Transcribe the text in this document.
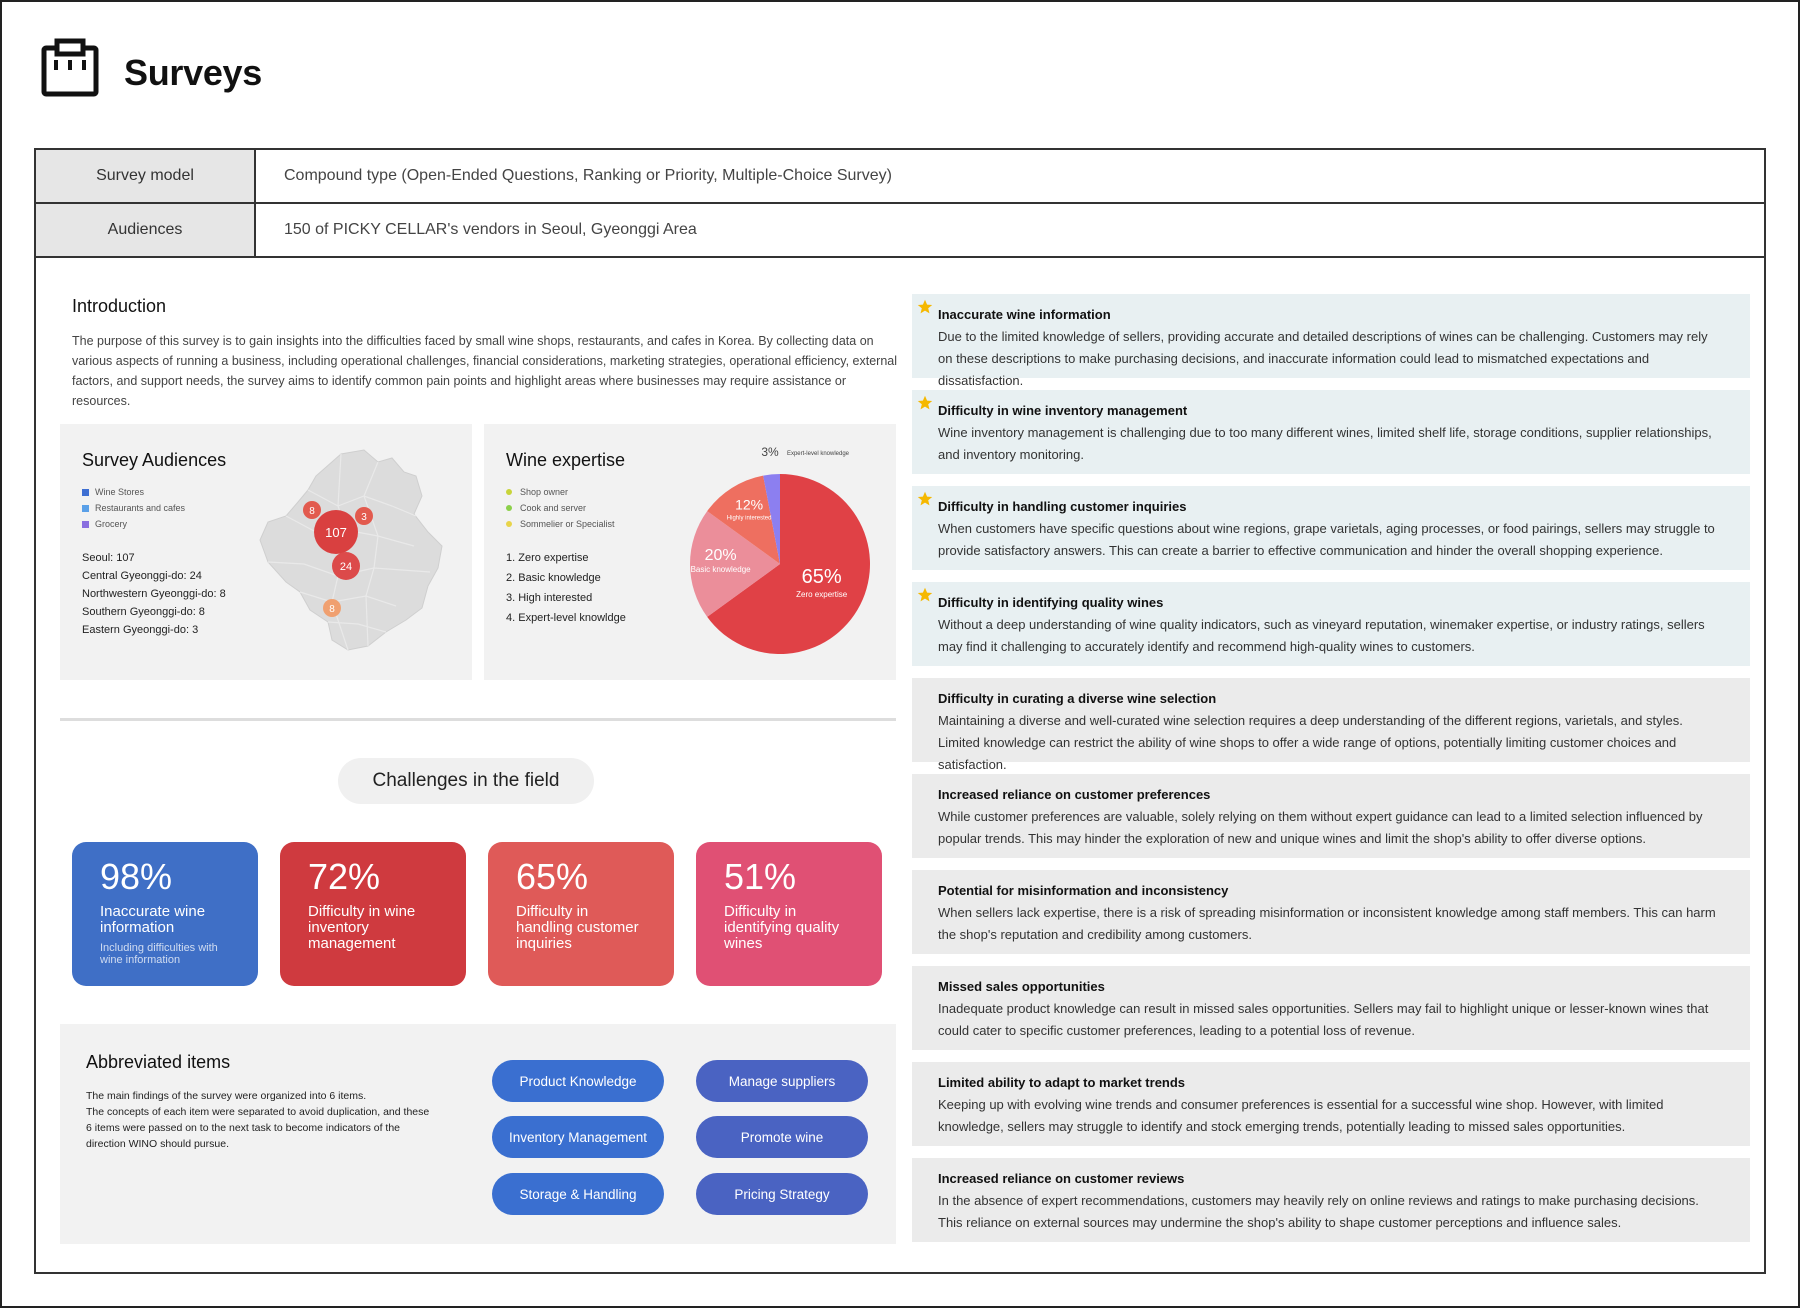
Surveys
Survey model	Compound type (Open-Ended Questions, Ranking or Priority, Multiple-Choice Survey)
Audiences	150 of PICKY CELLAR's vendors in Seoul, Gyeonggi Area
Introduction

The purpose of this survey is to gain insights into the difficulties faced by small wine shops, restaurants, and cafes in Korea. By collecting data on various aspects of running a business, including operational challenges, financial considerations, marketing strategies, operational efficiency, external factors, and support needs, the survey aims to identify common pain points and highlight areas where businesses may require assistance or resources.

Survey Audiences
Wine Stores
Restaurants and cafes
Grocery
Seoul: 107
Central Gyeonggi-do: 24
Northwestern Gyeonggi-do: 8
Southern Gyeonggi-do: 8
Eastern Gyeonggi-do: 3
107
24
8
3
8
Wine expertise
Shop owner
Cook and server
Sommelier or Specialist
1. Zero expertise
2. Basic knowledge
3. High interested
4. Expert-level knowldge
65%
Zero expertise
20%
Basic knowledge
12%
Highly interested
3% Expert-level knowledge
Challenges in the field
98%
Inaccurate wine information
Including difficulties with wine information
72%
Difficulty in wine inventory management
65%
Difficulty in handling customer inquiries
51%
Difficulty in identifying quality wines
Abbreviated items

The main findings of the survey were organized into 6 items.
The concepts of each item were separated to avoid duplication, and these 6 items were passed on to the next task to become indicators of the direction WINO should pursue.

Product Knowledge	Manage suppliers
Inventory Management	Promote wine
Storage & Handling	Pricing Strategy
Inaccurate wine information

Due to the limited knowledge of sellers, providing accurate and detailed descriptions of wines can be challenging. Customers may rely on these descriptions to make purchasing decisions, and inaccurate information could lead to mismatched expectations and dissatisfaction.

Difficulty in wine inventory management

Wine inventory management is challenging due to too many different wines, limited shelf life, storage conditions, supplier relationships, and inventory monitoring.

Difficulty in handling customer inquiries

When customers have specific questions about wine regions, grape varietals, aging processes, or food pairings, sellers may struggle to provide satisfactory answers. This can create a barrier to effective communication and hinder the overall shopping experience.

Difficulty in identifying quality wines

Without a deep understanding of wine quality indicators, such as vineyard reputation, winemaker expertise, or industry ratings, sellers may find it challenging to accurately identify and recommend high-quality wines to customers.

Difficulty in curating a diverse wine selection

Maintaining a diverse and well-curated wine selection requires a deep understanding of the different regions, varietals, and styles. Limited knowledge can restrict the ability of wine shops to offer a wide range of options, potentially limiting customer choices and satisfaction.

Increased reliance on customer preferences

While customer preferences are valuable, solely relying on them without expert guidance can lead to a limited selection influenced by popular trends. This may hinder the exploration of new and unique wines and limit the shop's ability to offer diverse options.

Potential for misinformation and inconsistency

When sellers lack expertise, there is a risk of spreading misinformation or inconsistent knowledge among staff members. This can harm the shop's reputation and credibility among customers.

Missed sales opportunities

Inadequate product knowledge can result in missed sales opportunities. Sellers may fail to highlight unique or lesser-known wines that could cater to specific customer preferences, leading to a potential loss of revenue.

Limited ability to adapt to market trends

Keeping up with evolving wine trends and consumer preferences is essential for a successful wine shop. However, with limited knowledge, sellers may struggle to identify and stock emerging trends, potentially leading to missed sales opportunities.

Increased reliance on customer reviews

In the absence of expert recommendations, customers may heavily rely on online reviews and ratings to make purchasing decisions. This reliance on external sources may undermine the shop's ability to shape customer perceptions and influence sales.
